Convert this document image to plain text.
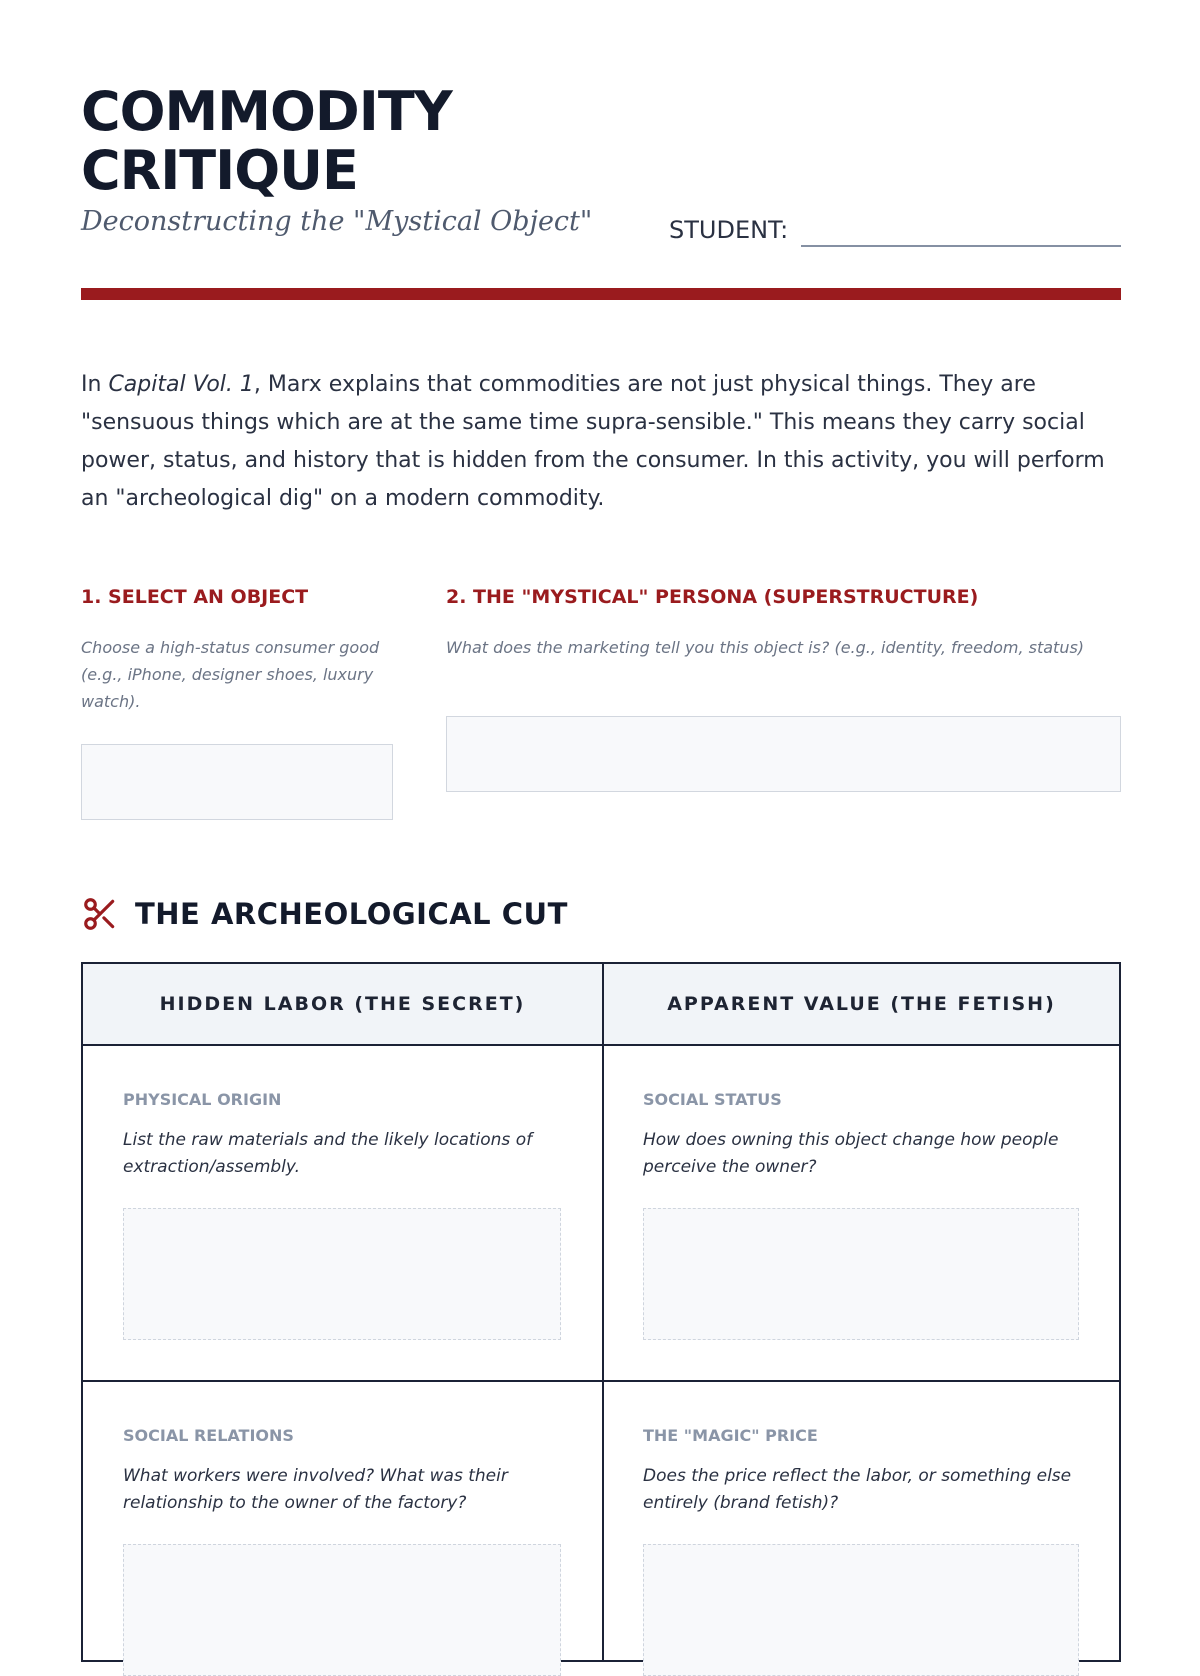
COMMODITY
CRITIQUE
Deconstructing the "Mystical Object"	STUDENT:

In Capital Vol. 1, Marx explains that commodities are not just physical things. They are "sensuous things which are at the same time supra-sensible." This means they carry social power, status, and history that is hidden from the consumer. In this activity, you will perform an "archeological dig" on a modern commodity.

1. SELECT AN OBJECT

Choose a high-status consumer good (e.g., iPhone, designer shoes, luxury watch).

2. THE "MYSTICAL" PERSONA (SUPERSTRUCTURE)

What does the marketing tell you this object is? (e.g., identity, freedom, status)

THE ARCHEOLOGICAL CUT
HIDDEN LABOR (THE SECRET)	APPARENT VALUE (THE FETISH)

PHYSICAL ORIGIN

List the raw materials and the likely locations of extraction/assembly.

SOCIAL STATUS

How does owning this object change how people perceive the owner?

SOCIAL RELATIONS

What workers were involved? What was their relationship to the owner of the factory?

THE "MAGIC" PRICE

Does the price reflect the labor, or something else entirely (brand fetish)?
